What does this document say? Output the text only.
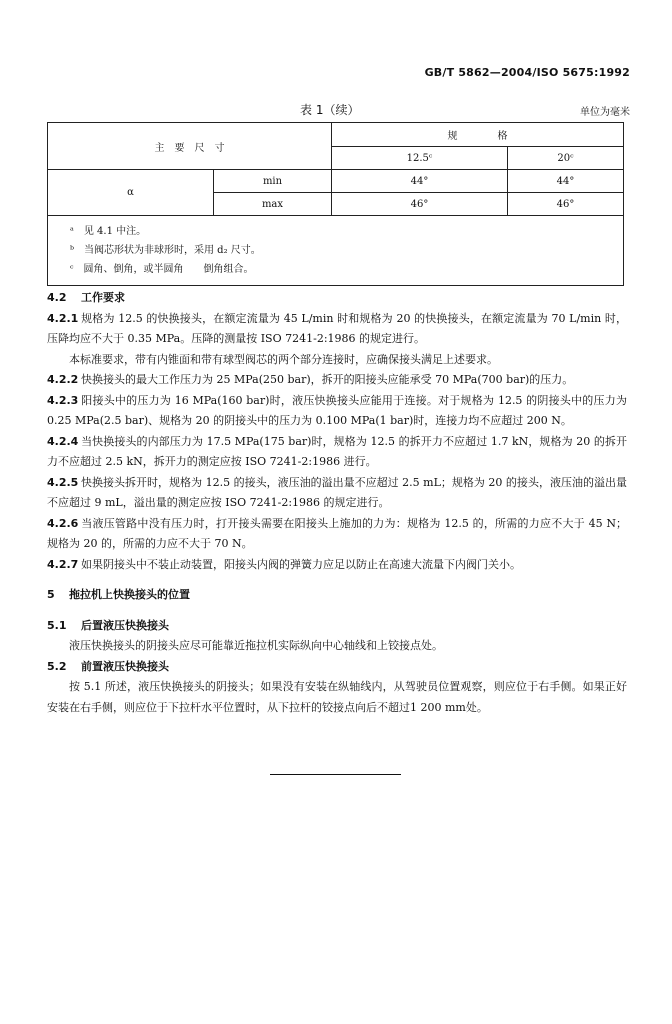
GB/T 5862—2004/ISO 5675:1992
表 1（续）	单位为毫米
主　要　尺　寸		规　　　　格	
		12.5ᶜ	20ᶜ
α	min	44°	44°
	max	46°	46°

ᵃ　见 4.1 中注。
ᵇ　当阀芯形状为非球形时，采用 d₂ 尺寸。
ᶜ　圆角、倒角，或半圆角　　倒角组合。			

4.2 工作要求

4.2.1 规格为 12.5 的快换接头，在额定流量为 45 L/min 时和规格为 20 的快换接头，在额定流量为 70 L/min 时，压降均应不大于 0.35 MPa。压降的测量按 ISO 7241-2:1986 的规定进行。

本标准要求，带有内锥面和带有球型阀芯的两个部分连接时，应确保接头满足上述要求。

4.2.2 快换接头的最大工作压力为 25 MPa(250 bar)，拆开的阳接头应能承受 70 MPa(700 bar)的压力。

4.2.3 阳接头中的压力为 16 MPa(160 bar)时，液压快换接头应能用于连接。对于规格为 12.5 的阴接头中的压力为 0.25 MPa(2.5 bar)、规格为 20 的阴接头中的压力为 0.100 MPa(1 bar)时，连接力均不应超过 200 N。

4.2.4 当快换接头的内部压力为 17.5 MPa(175 bar)时，规格为 12.5 的拆开力不应超过 1.7 kN，规格为 20 的拆开力不应超过 2.5 kN，拆开力的测定应按 ISO 7241-2:1986 进行。

4.2.5 快换接头拆开时，规格为 12.5 的接头，液压油的溢出量不应超过 2.5 mL；规格为 20 的接头，液压油的溢出量不应超过 9 mL，溢出量的测定应按 ISO 7241-2:1986 的规定进行。

4.2.6 当液压管路中没有压力时，打开接头需要在阳接头上施加的力为：规格为 12.5 的，所需的力应不大于 45 N；规格为 20 的，所需的力应不大于 70 N。

4.2.7 如果阴接头中不装止动装置，阳接头内阀的弹簧力应足以防止在高速大流量下内阀门关小。

5 拖拉机上快换接头的位置

5.1 后置液压快换接头

液压快换接头的阴接头应尽可能靠近拖拉机实际纵向中心轴线和上铰接点处。

5.2 前置液压快换接头

按 5.1 所述，液压快换接头的阴接头；如果没有安装在纵轴线内，从驾驶员位置观察，则应位于右手侧。如果正好安装在右手侧，则应位于下拉杆水平位置时，从下拉杆的铰接点向后不超过1 200 mm处。
